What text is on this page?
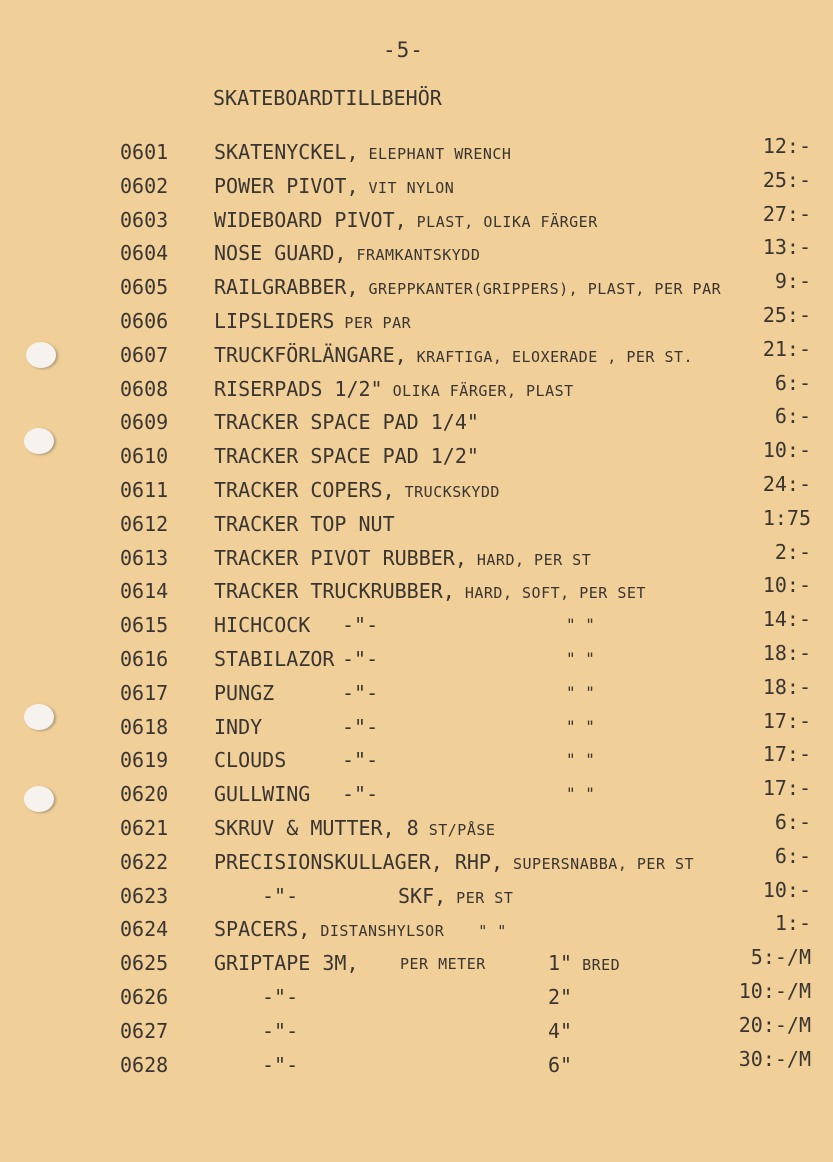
-5-
SKATEBOARDTILLBEHÖR
0601 SKATENYCKEL, ELEPHANT WRENCH	12:-
0602 POWER PIVOT, VIT NYLON	25:-
0603 WIDEBOARD PIVOT, PLAST, OLIKA FÄRGER	27:-
0604 NOSE GUARD, FRAMKANTSKYDD	13:-
0605 RAILGRABBER, GREPPKANTER(GRIPPERS), PLAST, PER PAR	9:-
0606 LIPSLIDERS PER PAR	25:-
0607 TRUCKFÖRLÄNGARE, KRAFTIGA, ELOXERADE , PER ST.	21:-
0608 RISERPADS 1/2" OLIKA FÄRGER, PLAST	6:-
0609 TRACKER SPACE PAD 1/4"	6:-
0610 TRACKER SPACE PAD 1/2"	10:-
0611 TRACKER COPERS, TRUCKSKYDD	24:-
0612 TRACKER TOP NUT	1:75
0613 TRACKER PIVOT RUBBER, HARD, PER ST	2:-
0614 TRACKER TRUCKRUBBER, HARD, SOFT, PER SET	10:-
0615 HICHCOCK -"-	" "	14:-
0616 STABILAZOR -"-	" "	18:-
0617 PUNGZ	-"-	" "	18:-
0618 INDY	-"-	" "	17:-
0619 CLOUDS	-"-	" "	17:-
0620 GULLWING -"-	" "	17:-
0621 SKRUV & MUTTER, 8 ST/PÅSE	6:-
0622 PRECISIONSKULLAGER, RHP, SUPERSNABBA, PER ST	6:-
0623	-"-	SKF, PER ST	10:-
0624 SPACERS, DISTANSHYLSOR " "	1:-
0625 GRIPTAPE 3M,	PER METER	1" BRED	5:-/M
0626	-"-	2"	10:-/M
0627	-"-	4"	20:-/M
0628	-"-	6"	30:-/M
